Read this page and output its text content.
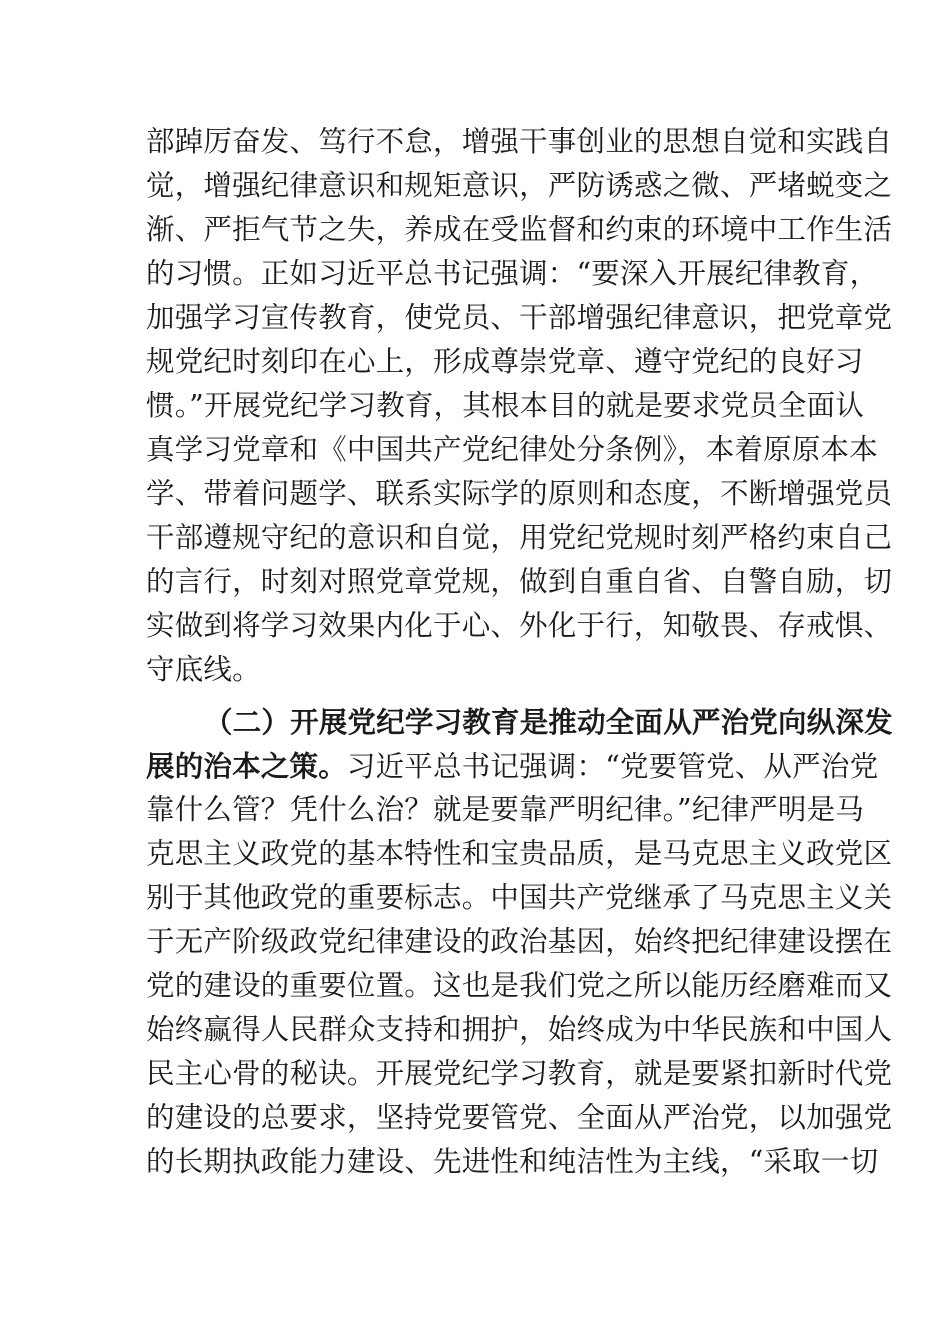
部踔厉奋发、笃行不怠，增强干事创业的思想自觉和实践自
觉，增强纪律意识和规矩意识，严防诱惑之微、严堵蜕变之
渐、严拒气节之失，养成在受监督和约束的环境中工作生活
的习惯。正如习近平总书记强调：“要深入开展纪律教育，
加强学习宣传教育，使党员、干部增强纪律意识，把党章党
规党纪时刻印在心上，形成尊崇党章、遵守党纪的良好习
惯。”开展党纪学习教育，其根本目的就是要求党员全面认
真学习党章和《中国共产党纪律处分条例》，本着原原本本
学、带着问题学、联系实际学的原则和态度，不断增强党员
干部遵规守纪的意识和自觉，用党纪党规时刻严格约束自己
的言行，时刻对照党章党规，做到自重自省、自警自励，切
实做到将学习效果内化于心、外化于行，知敬畏、存戒惧、
守底线。
（二）开展党纪学习教育是推动全面从严治党向纵深发
展的治本之策。习近平总书记强调：“党要管党、从严治党
靠什么管？凭什么治？就是要靠严明纪律。”纪律严明是马
克思主义政党的基本特性和宝贵品质，是马克思主义政党区
别于其他政党的重要标志。中国共产党继承了马克思主义关
于无产阶级政党纪律建设的政治基因，始终把纪律建设摆在
党的建设的重要位置。这也是我们党之所以能历经磨难而又
始终赢得人民群众支持和拥护，始终成为中华民族和中国人
民主心骨的秘诀。开展党纪学习教育，就是要紧扣新时代党
的建设的总要求，坚持党要管党、全面从严治党，以加强党
的长期执政能力建设、先进性和纯洁性为主线，“采取一切
